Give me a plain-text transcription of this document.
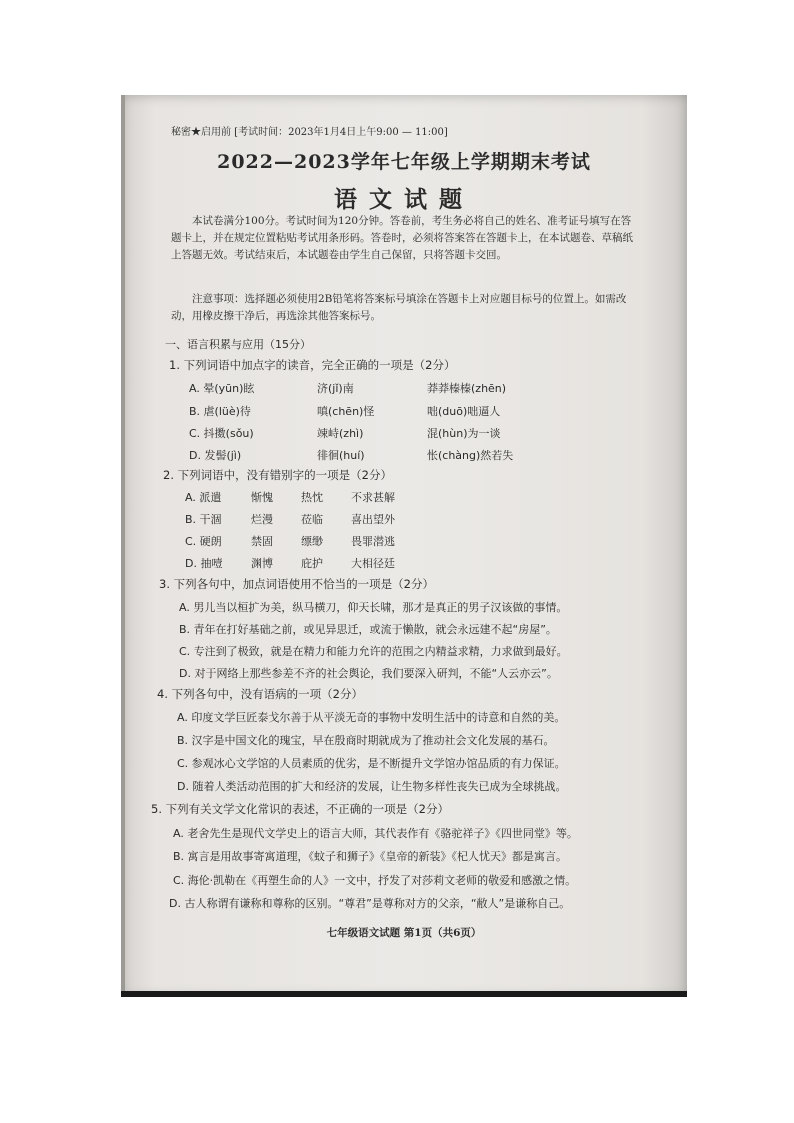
秘密★启用前 [考试时间：2023年1月4日上午9:00 — 11:00]
2022—2023学年七年级上学期期末考试
语文试题
本试卷满分100分。考试时间为120分钟。答卷前，考生务必将自己的姓名、准考证号填写在答题卡上，并在规定位置粘贴考试用条形码。答卷时，必须将答案答在答题卡上，在本试题卷、草稿纸上答题无效。考试结束后，本试题卷由学生自己保留，只将答题卡交回。
注意事项：选择题必须使用2B铅笔将答案标号填涂在答题卡上对应题目标号的位置上。如需改动，用橡皮擦干净后，再选涂其他答案标号。
一、语言积累与应用（15分）
1. 下列词语中加点字的读音，完全正确的一项是（2分）
A. 晕(yūn)眩	济(jǐ)南	莽莽榛榛(zhēn)
B. 虐(lüè)待	嗔(chēn)怪	咄(duō)咄逼人
C. 抖擞(sǒu)	竦峙(zhì)	混(hùn)为一谈
D. 发髻(jì)	徘徊(huí)	怅(chàng)然若失
2. 下列词语中，没有错别字的一项是（2分）
A. 派遣	惭愧	热忱	不求甚解
B. 干涸	烂漫	莅临	喜出望外
C. 硬朗	禁固	缥缈	畏罪潜逃
D. 抽噎	渊博	庇护	大相径廷
3. 下列各句中，加点词语使用不恰当的一项是（2分）
A. 男儿当以桓扩为美，纵马横刀，仰天长啸，那才是真正的男子汉该做的事情。
B. 青年在打好基础之前，或见异思迁，或流于懒散，就会永远建不起“房屋”。
C. 专注到了极致，就是在精力和能力允许的范围之内精益求精，力求做到最好。
D. 对于网络上那些参差不齐的社会舆论，我们要深入研判，不能“人云亦云”。
4. 下列各句中，没有语病的一项（2分）
A. 印度文学巨匠泰戈尔善于从平淡无奇的事物中发明生活中的诗意和自然的美。
B. 汉字是中国文化的瑰宝，早在殷商时期就成为了推动社会文化发展的基石。
C. 参观冰心文学馆的人员素质的优劣，是不断提升文学馆办馆品质的有力保证。
D. 随着人类活动范围的扩大和经济的发展，让生物多样性丧失已成为全球挑战。
5. 下列有关文学文化常识的表述，不正确的一项是（2分）
A. 老舍先生是现代文学史上的语言大师，其代表作有《骆驼祥子》《四世同堂》等。
B. 寓言是用故事寄寓道理，《蚊子和狮子》《皇帝的新装》《杞人忧天》都是寓言。
C. 海伦·凯勒在《再塑生命的人》一文中，抒发了对莎莉文老师的敬爱和感激之情。
D. 古人称谓有谦称和尊称的区别。“尊君”是尊称对方的父亲，“敝人”是谦称自己。
七年级语文试题 第1页（共6页）
